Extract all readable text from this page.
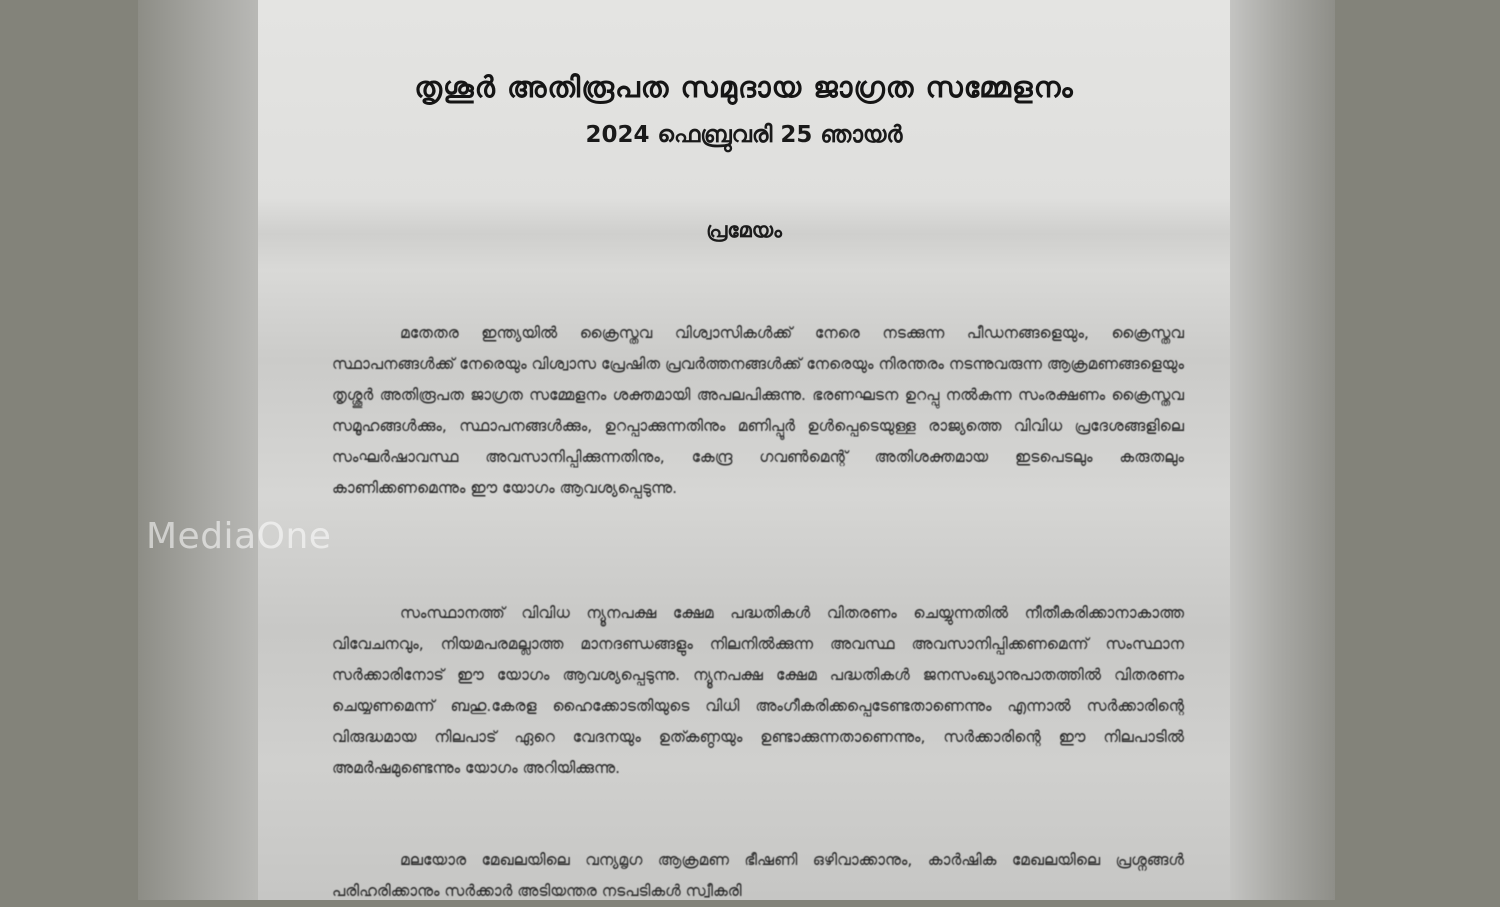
തൃശൂർ അതിരൂപത സമുദായ ജാഗ്രത സമ്മേളനം
2024 ഫെബ്രുവരി 25 ഞായർ
പ്രമേയം
മതേതര ഇന്ത്യയിൽ ക്രൈസ്തവ വിശ്വാസികൾക്ക് നേരെ നടക്കുന്ന പീഡനങ്ങളെയും, ക്രൈസ്തവ സ്ഥാപനങ്ങൾക്ക് നേരെയും വിശ്വാസ പ്രേഷിത പ്രവർത്തനങ്ങൾക്ക് നേരെയും നിരന്തരം നടന്നുവരുന്ന ആക്രമണങ്ങളെയും തൃശ്ശൂർ അതിരൂപത ജാഗ്രത സമ്മേളനം ശക്തമായി അപലപിക്കുന്നു. ഭരണഘടന ഉറപ്പു നൽകുന്ന സംരക്ഷണം ക്രൈസ്തവ സമൂഹങ്ങൾക്കും, സ്ഥാപനങ്ങൾക്കും, ഉറപ്പാക്കുന്നതിനും മണിപ്പൂർ ഉൾപ്പെടെയുള്ള രാജ്യത്തെ വിവിധ പ്രദേശങ്ങളിലെ സംഘർഷാവസ്ഥ അവസാനിപ്പിക്കുന്നതിനും, കേന്ദ്ര ഗവൺമെന്റ് അതിശക്തമായ ഇടപെടലും കരുതലും കാണിക്കണമെന്നും ഈ യോഗം ആവശ്യപ്പെടുന്നു.
സംസ്ഥാനത്ത് വിവിധ ന്യൂനപക്ഷ ക്ഷേമ പദ്ധതികൾ വിതരണം ചെയ്യുന്നതിൽ നീതീകരിക്കാനാകാത്ത വിവേചനവും, നിയമപരമല്ലാത്ത മാനദണ്ഡങ്ങളും നിലനിൽക്കുന്ന അവസ്ഥ അവസാനിപ്പിക്കണമെന്ന് സംസ്ഥാന സർക്കാരിനോട് ഈ യോഗം ആവശ്യപ്പെടുന്നു. ന്യൂനപക്ഷ ക്ഷേമ പദ്ധതികൾ ജനസംഖ്യാനുപാതത്തിൽ വിതരണം ചെയ്യണമെന്ന് ബഹു.കേരള ഹൈക്കോടതിയുടെ വിധി അംഗീകരിക്കപ്പെടേണ്ടതാണെന്നും എന്നാൽ സർക്കാരിന്റെ വിരുദ്ധമായ നിലപാട് ഏറെ വേദനയും ഉത്കണ്ഠയും ഉണ്ടാക്കുന്നതാണെന്നും, സർക്കാരിന്റെ ഈ നിലപാടിൽ അമർഷമുണ്ടെന്നും യോഗം അറിയിക്കുന്നു.
മലയോര മേഖലയിലെ വന്യമൃഗ ആക്രമണ ഭീഷണി ഒഴിവാക്കാനും, കാർഷിക മേഖലയിലെ പ്രശ്നങ്ങൾ പരിഹരിക്കാനും സർക്കാർ അടിയന്തര നടപടികൾ സ്വീകരി
MediaOne
